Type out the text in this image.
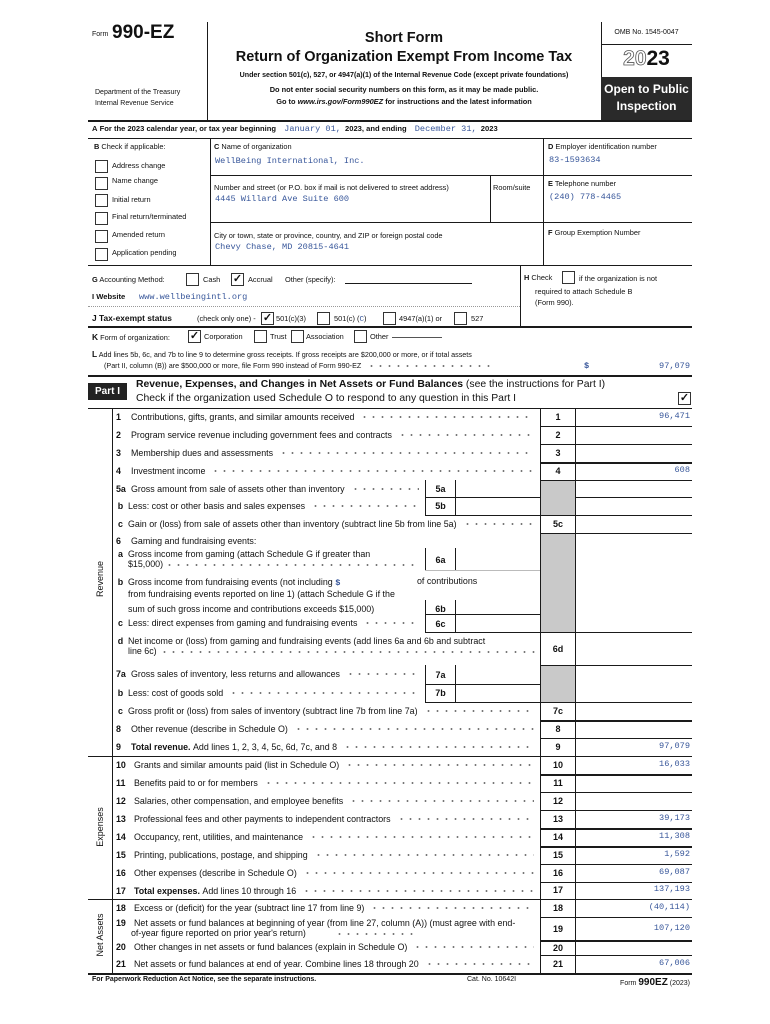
Form 990-EZ
Department of the Treasury
Internal Revenue Service
Short Form
Return of Organization Exempt From Income Tax
Under section 501(c), 527, or 4947(a)(1) of the Internal Revenue Code (except private foundations)
Do not enter social security numbers on this form, as it may be made public.
Go to www.irs.gov/Form990EZ for instructions and the latest information
OMB No. 1545-0047
2023
Open to Public
Inspection
A For the 2023 calendar year, or tax year beginning January 01, 2023, and ending December 31, 2023
B Check if applicable:
Address change
Name change
Initial return
Final return/terminated
Amended return
Application pending
C Name of organization
WellBeing International, Inc.
Number and street (or P.O. box if mail is not delivered to street address)
4445 Willard Ave Suite 600
Room/suite
City or town, state or province, country, and ZIP or foreign postal code
Chevy Chase, MD 20815-4641
D Employer identification number
83-1593634
E Telephone number
(240) 778-4465
F Group Exemption Number
G Accounting Method:	Cash ✓ Accrual Other (specify):
I Website www.wellbeingintl.org
J Tax-exempt status	(check only one) - ✓ 501(c)(3)	501(c) (C)	4947(a)(1) or	527
H Check	if the organization is not
required to attach Schedule B
(Form 990).
K Form of organization: ✓ Corporation	Trust	Association	Other
L Add lines 5b, 6c, and 7b to line 9 to determine gross receipts. If gross receipts are $200,000 or more, or if total assets
(Part II, column (B)) are $500,000 or more, file Form 990 instead of Form 990-EZ	$	97,079
Part I
Revenue, Expenses, and Changes in Net Assets or Fund Balances (see the instructions for Part I)
Check if the organization used Schedule O to respond to any question in this Part I	✓
Revenue
Expenses
Net Assets
1	Contributions, gifts, grants, and similar amounts received	1	96,471
2	Program service revenue including government fees and contracts	2
3	Membership dues and assessments	3
4	Investment income	4	608
5a Gross amount from sale of assets other than inventory	5a
b Less: cost or other basis and sales expenses	5b
c Gain or (loss) from sale of assets other than inventory (subtract line 5b from line 5a)	5c
6	Gaming and fundraising events:
a Gross income from gaming (attach Schedule G if greater than
$15,000)	6a
b Gross income from fundraising events (not including $	of contributions
from fundraising events reported on line 1) (attach Schedule G if the
sum of such gross income and contributions exceeds $15,000)	6b
c Less: direct expenses from gaming and fundraising events	6c
d Net income or (loss) from gaming and fundraising events (add lines 6a and 6b and subtract
line 6c)	6d
7a Gross sales of inventory, less returns and allowances	7a
b Less: cost of goods sold	7b
c Gross profit or (loss) from sales of inventory (subtract line 7b from line 7a)	7c
8	Other revenue (describe in Schedule O)	8
9	Total revenue.
Add lines 1, 2, 3, 4, 5c, 6d, 7c, and 8	9	97,079
10 Grants and similar amounts paid (list in Schedule O)	10	16,033
11 Benefits paid to or for members	11
12 Salaries, other compensation, and employee benefits	12
13 Professional fees and other payments to independent contractors	13	39,173
14 Occupancy, rent, utilities, and maintenance	14	11,308
15 Printing, publications, postage, and shipping	15	1,592
16 Other expenses (describe in Schedule O)	16	69,087
17 Total expenses.
Add lines 10 through 16	17	137,193
18 Excess or (deficit) for the year (subtract line 17 from line 9)	18	(40,114)
19 Net assets or fund balances at beginning of year (from line 27, column (A)) (must agree with end-
of-year figure reported on prior year's return)	19	107,120
20 Other changes in net assets or fund balances (explain in Schedule O)	20
21 Net assets or fund balances at end of year. Combine lines 18 through 20	21	67,006
For Paperwork Reduction Act Notice, see the separate instructions.	Cat. No. 10642I
Form 990EZ (2023)
